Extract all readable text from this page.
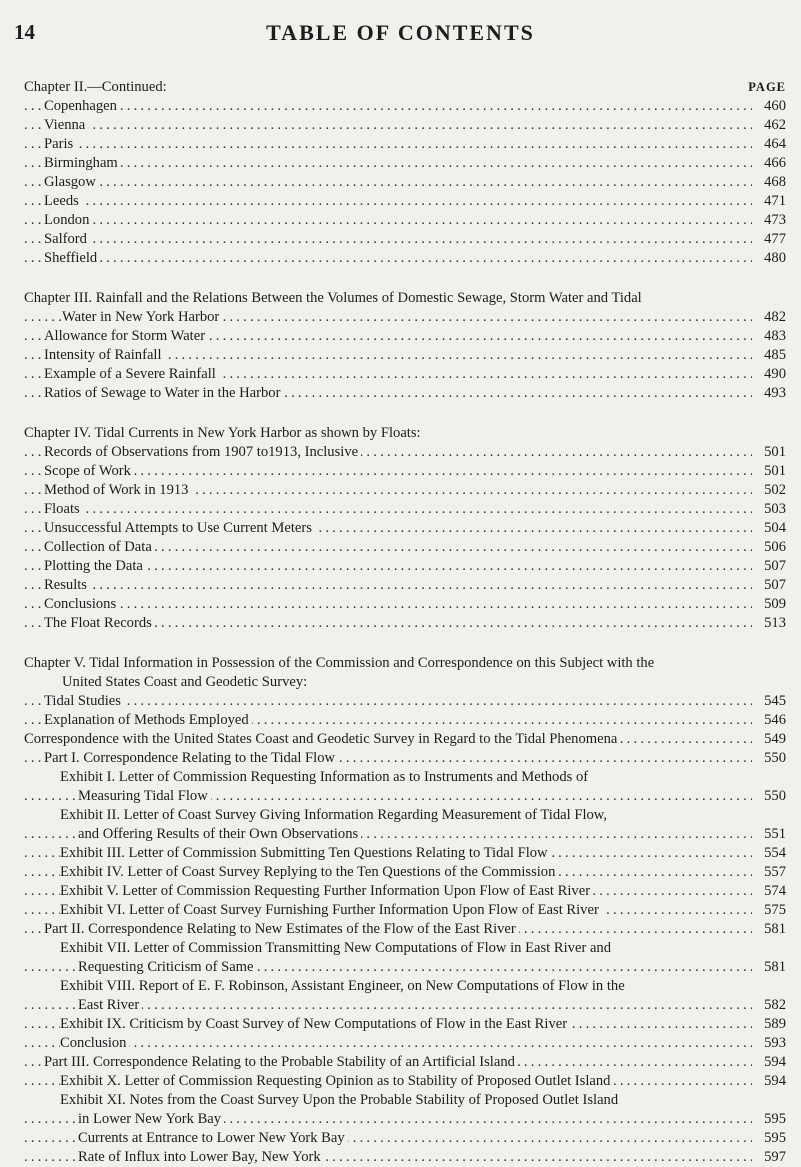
14	TABLE OF CONTENTS
Chapter II.—Continued:	PAGE
.....
Copenhagen	460
.....
Vienna	462
.....
Paris	464
.....
Birmingham	466
.....
Glasgow	468
.....
Leeds	471
.....
London	473
.....
Salford	477
.....
Sheffield	480
Chapter III. Rainfall and the Relations Between the Volumes of Domestic Sewage, Storm Water and Tidal
.....
Water in New York Harbor	482
.....
Allowance for Storm Water	483
.....
Intensity of Rainfall	485
.....
Example of a Severe Rainfall	490
.....
Ratios of Sewage to Water in the Harbor	493
Chapter IV. Tidal Currents in New York Harbor as shown by Floats:
.....
Records of Observations from 1907 to1913, Inclusive	501
.....
Scope of Work	501
.....
Method of Work in 1913	502
.....
Floats	503
.....
Unsuccessful Attempts to Use Current Meters	504
.....
Collection of Data	506
.....
Plotting the Data	507
.....
Results	507
.....
Conclusions	509
.....
The Float Records	513
Chapter V. Tidal Information in Possession of the Commission and Correspondence on this Subject with the
United States Coast and Geodetic Survey:
.....
Tidal Studies	545
.....
Explanation of Methods Employed	546
.....
Correspondence with the United States Coast and Geodetic Survey in Regard to the Tidal Phenomena	549
.....
Part I. Correspondence Relating to the Tidal Flow	550
Exhibit I. Letter of Commission Requesting Information as to Instruments and Methods of
.....
Measuring Tidal Flow	550
Exhibit II. Letter of Coast Survey Giving Information Regarding Measurement of Tidal Flow,
.....
and Offering Results of their Own Observations	551
.....
Exhibit III. Letter of Commission Submitting Ten Questions Relating to Tidal Flow	554
.....
Exhibit IV. Letter of Coast Survey Replying to the Ten Questions of the Commission	557
.....
Exhibit V. Letter of Commission Requesting Further Information Upon Flow of East River	574
.....
Exhibit VI. Letter of Coast Survey Furnishing Further Information Upon Flow of East River	575
.....
Part II. Correspondence Relating to New Estimates of the Flow of the East River	581
Exhibit VII. Letter of Commission Transmitting New Computations of Flow in East River and
.....
Requesting Criticism of Same	581
Exhibit VIII. Report of E. F. Robinson, Assistant Engineer, on New Computations of Flow in the
.....
East River	582
.....
Exhibit IX. Criticism by Coast Survey of New Computations of Flow in the East River	589
.....
Conclusion	593
.....
Part III. Correspondence Relating to the Probable Stability of an Artificial Island	594
.....
Exhibit X. Letter of Commission Requesting Opinion as to Stability of Proposed Outlet Island	594
Exhibit XI. Notes from the Coast Survey Upon the Probable Stability of Proposed Outlet Island
.....
in Lower New York Bay	595
.....
Currents at Entrance to Lower New York Bay	595
.....
Rate of Influx into Lower Bay, New York	597
